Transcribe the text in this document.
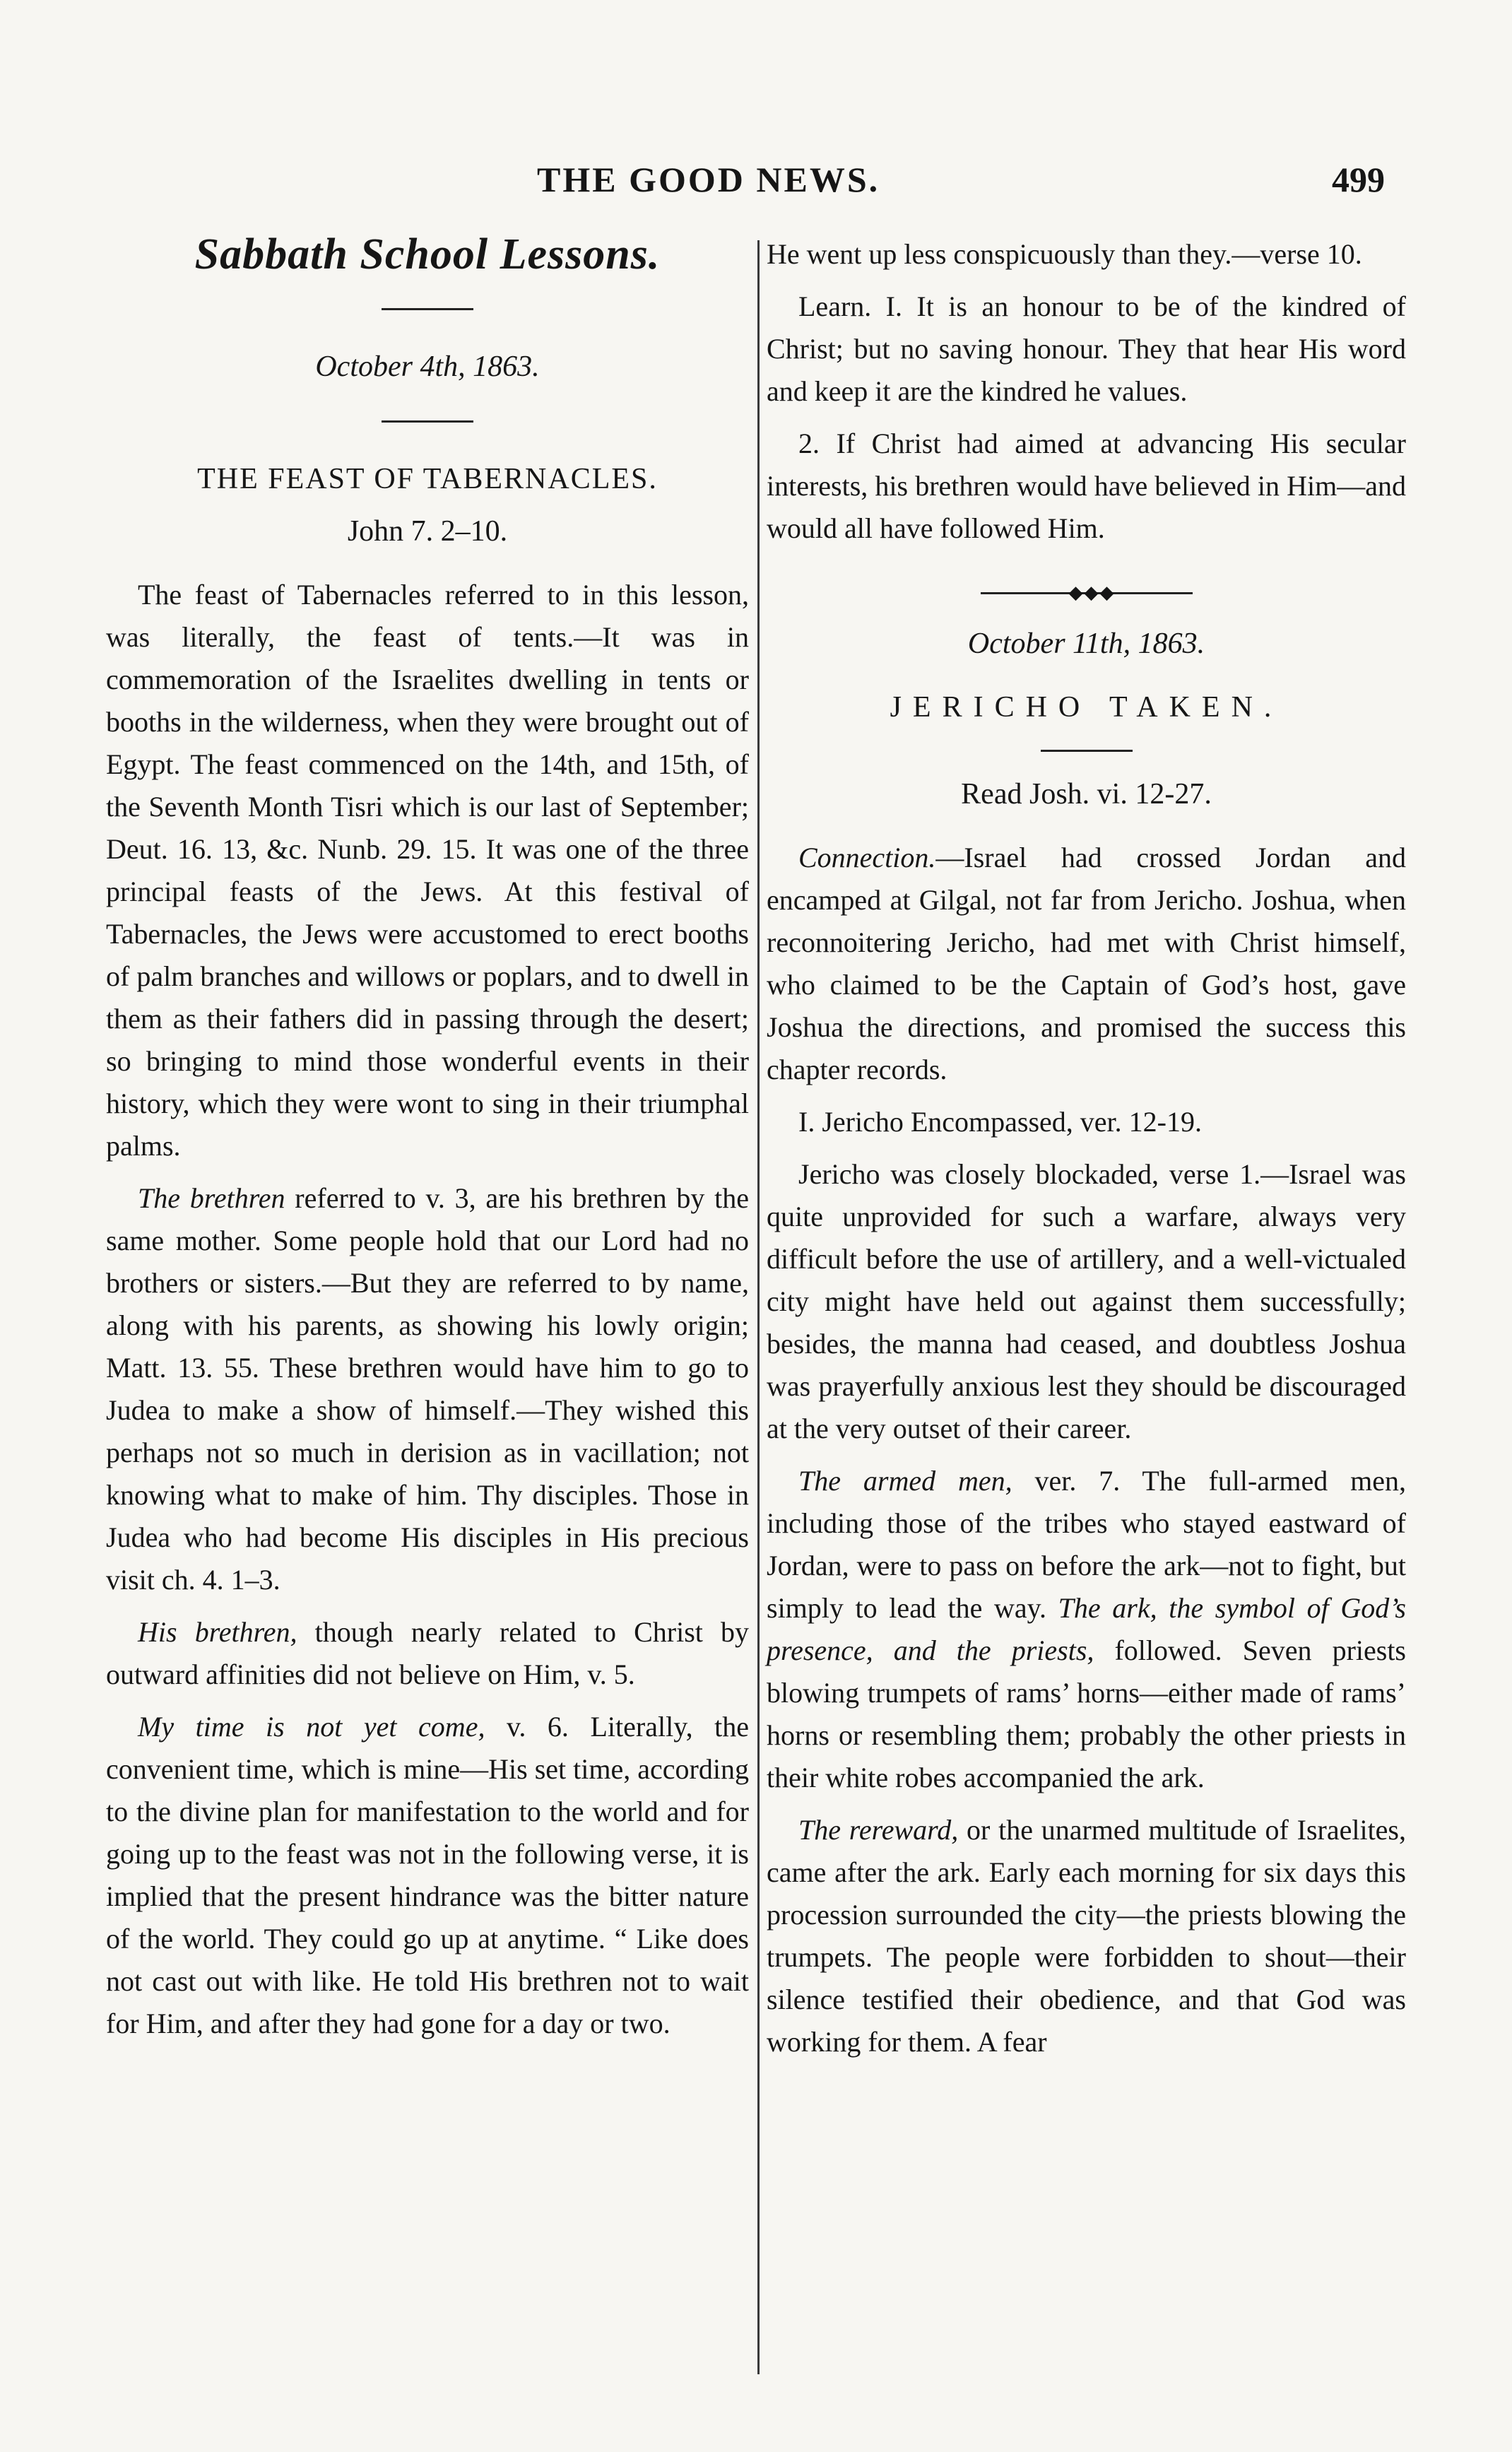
THE GOOD NEWS.	499
Sabbath School Lessons.
October 4th, 1863.
THE FEAST OF TABERNACLES.
John 7. 2–10.

The feast of Tabernacles referred to in this lesson, was literally, the feast of tents.—It was in commemoration of the Israelites dwelling in tents or booths in the wilderness, when they were brought out of Egypt. The feast commenced on the 14th, and 15th, of the Seventh Month Tisri which is our last of September; Deut. 16. 13, &c. Nunb. 29. 15. It was one of the three principal feasts of the Jews. At this festival of Tabernacles, the Jews were accustomed to erect booths of palm branches and willows or poplars, and to dwell in them as their fathers did in passing through the desert; so bringing to mind those wonderful events in their history, which they were wont to sing in their triumphal palms.

The brethren referred to v. 3, are his brethren by the same mother. Some people hold that our Lord had no brothers or sisters.—But they are referred to by name, along with his parents, as showing his lowly origin; Matt. 13. 55. These brethren would have him to go to Judea to make a show of himself.—They wished this perhaps not so much in derision as in vacillation; not knowing what to make of him. Thy disciples. Those in Judea who had become His disciples in His precious visit ch. 4. 1–3.

His brethren, though nearly related to Christ by outward affinities did not believe on Him, v. 5.

My time is not yet come, v. 6. Literally, the convenient time, which is mine—His set time, according to the divine plan for manifestation to the world and for going up to the feast was not in the following verse, it is implied that the present hindrance was the bitter nature of the world. They could go up at anytime. “ Like does not cast out with like. He told His brethren not to wait for Him, and after they had gone for a day or two.

He went up less conspicuously than they.—verse 10.

Learn. I. It is an honour to be of the kindred of Christ; but no saving honour. They that hear His word and keep it are the kindred he values.

2. If Christ had aimed at advancing His secular interests, his brethren would have believed in Him—and would all have followed Him.

◆◆◆
October 11th, 1863.
JERICHO TAKEN.
Read Josh. vi. 12-27.

Connection.—Israel had crossed Jordan and encamped at Gilgal, not far from Jericho. Joshua, when reconnoitering Jericho, had met with Christ himself, who claimed to be the Captain of God’s host, gave Joshua the directions, and promised the success this chapter records.

I. Jericho Encompassed, ver. 12-19.

Jericho was closely blockaded, verse 1.—Israel was quite unprovided for such a warfare, always very difficult before the use of artillery, and a well-victualed city might have held out against them successfully; besides, the manna had ceased, and doubtless Joshua was prayerfully anxious lest they should be discouraged at the very outset of their career.

The armed men, ver. 7. The full-armed men, including those of the tribes who stayed eastward of Jordan, were to pass on before the ark—not to fight, but simply to lead the way. The ark, the symbol of God’s presence, and the priests, followed. Seven priests blowing trumpets of rams’ horns—either made of rams’ horns or resembling them; probably the other priests in their white robes accompanied the ark.

The rereward, or the unarmed multitude of Israelites, came after the ark. Early each morning for six days this procession surrounded the city—the priests blowing the trumpets. The people were forbidden to shout—their silence testified their obedience, and that God was working for them. A fear
